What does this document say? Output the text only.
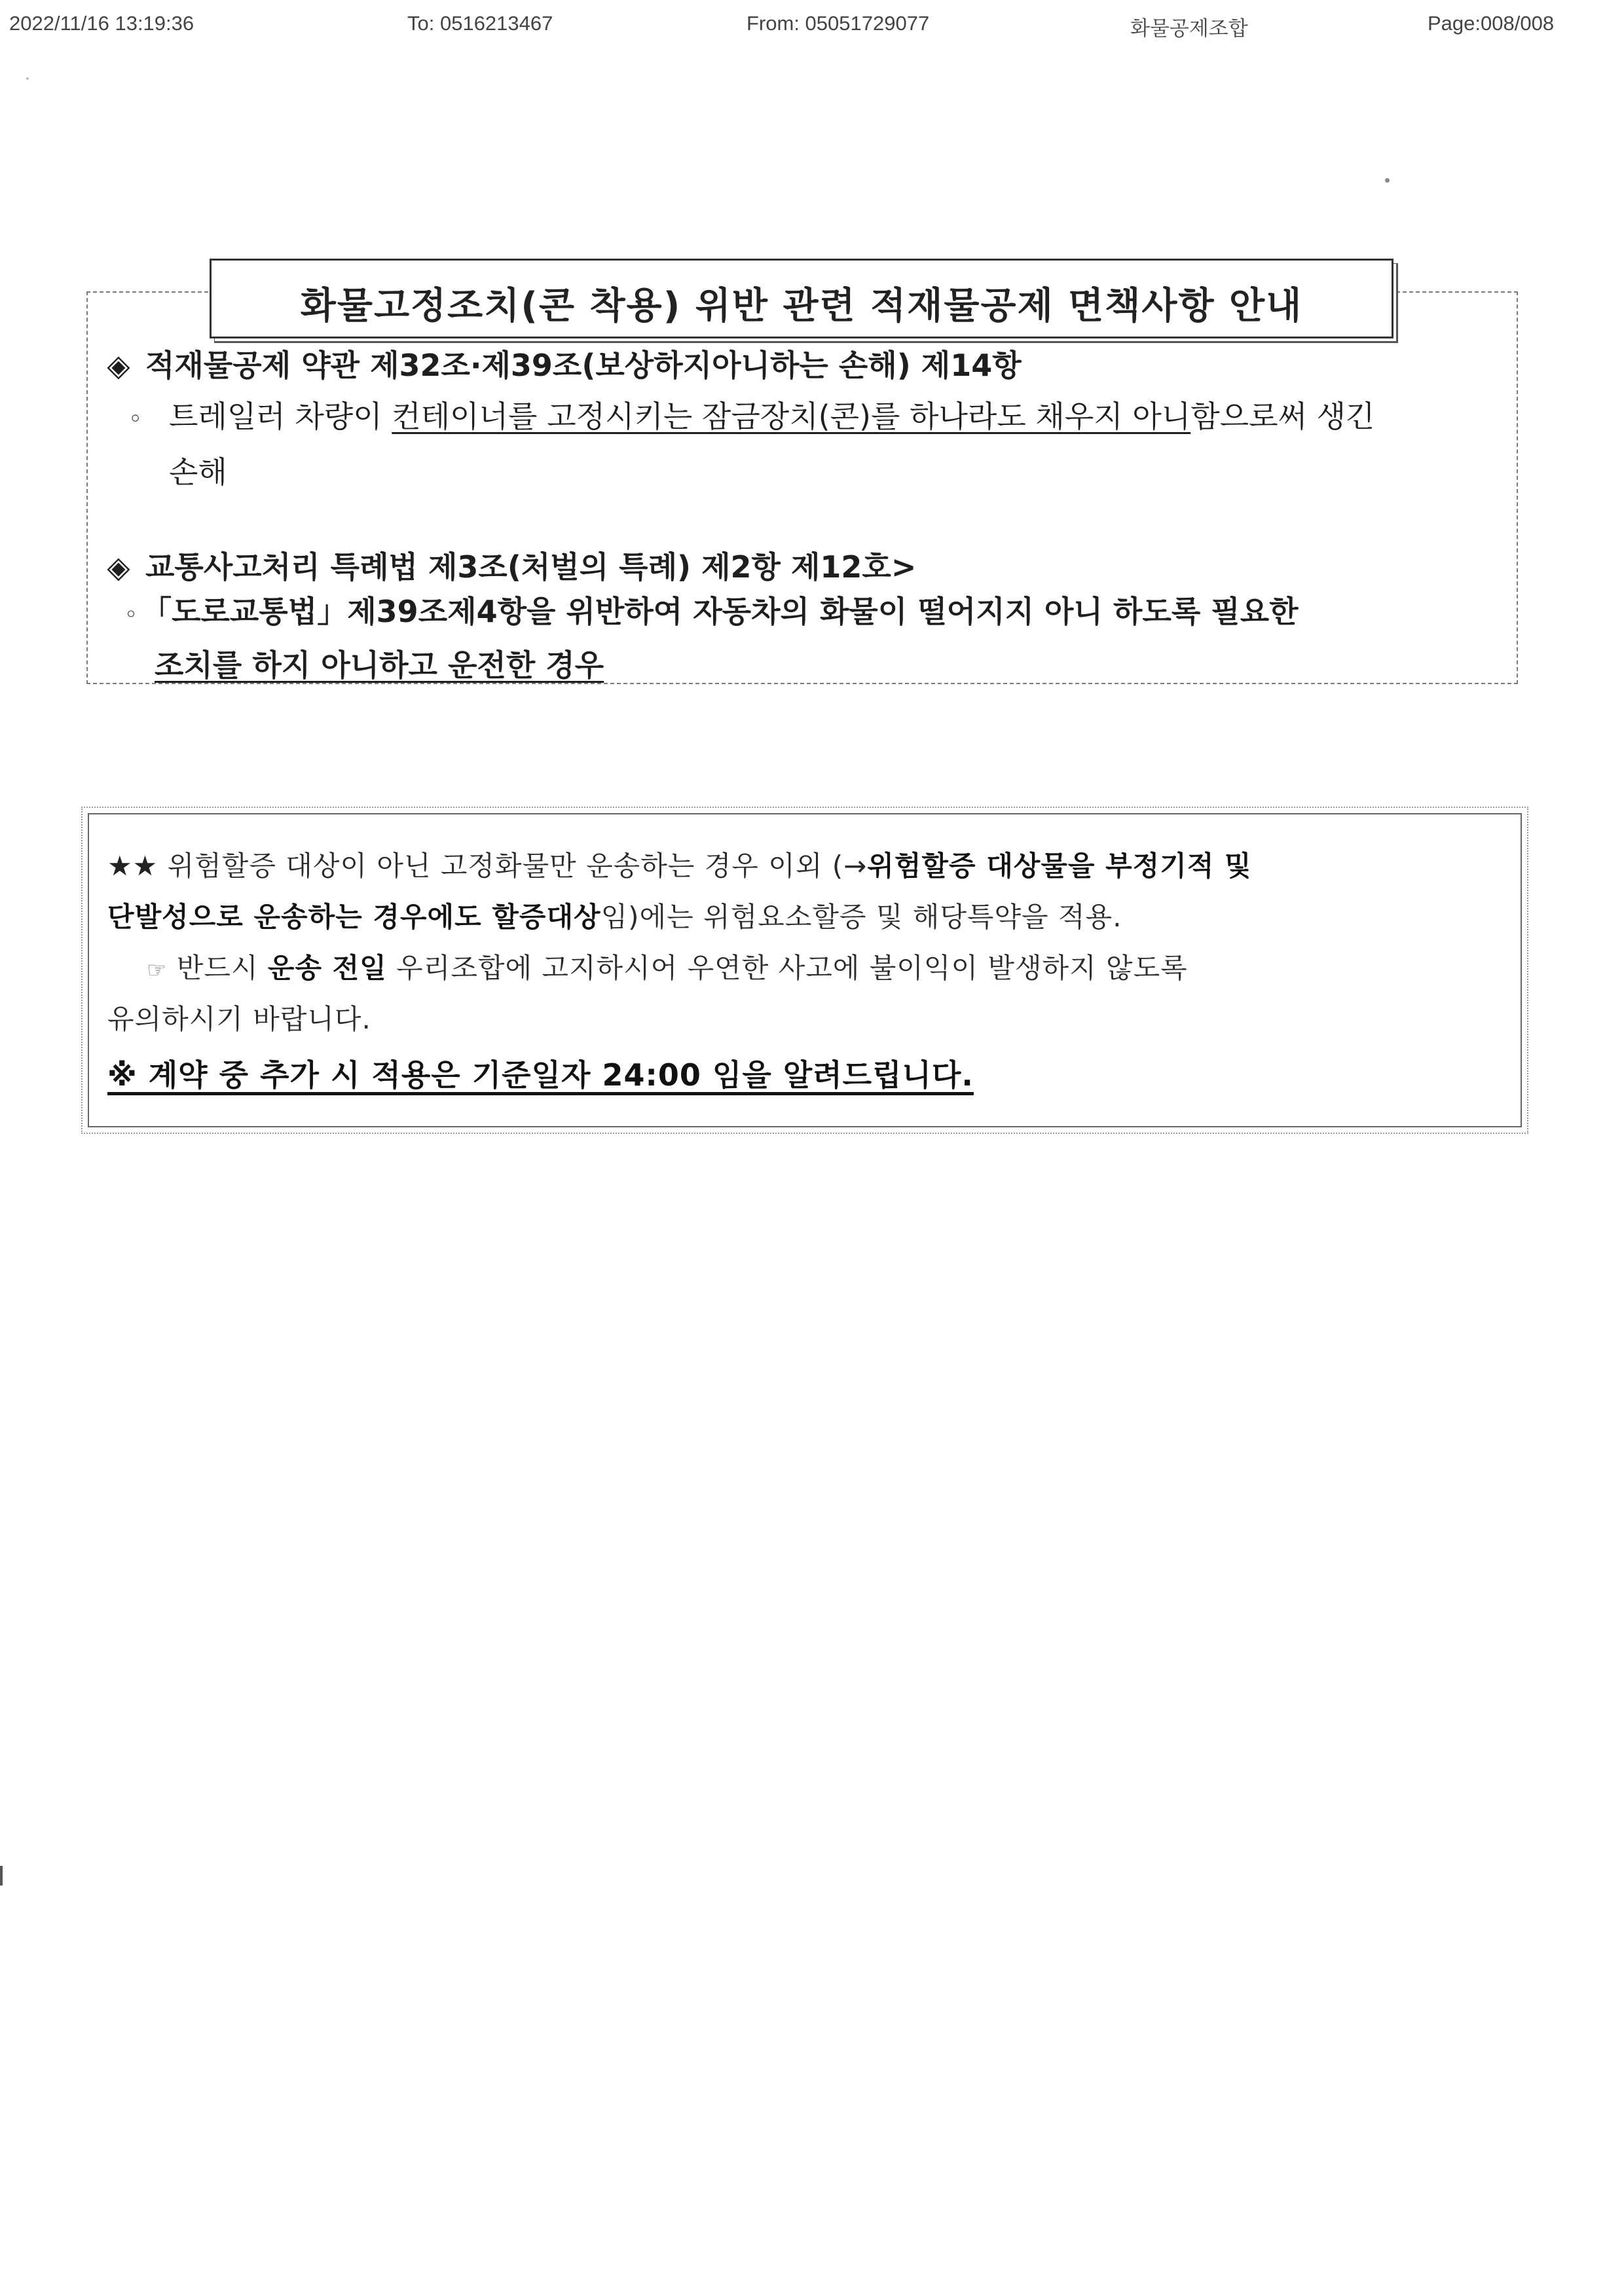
2022/11/16 13:19:36	To: 0516213467	From: 05051729077	화물공제조합	Page:008/008
화물고정조치(콘 착용) 위반 관련 적재물공제 면책사항 안내
◈ 적재물공제 약관 제32조·제39조(보상하지아니하는 손해) 제14항
◦ 트레일러 차량이 컨테이너를 고정시키는 잠금장치(콘)를 하나라도 채우지 아니함으로써 생긴
손해
◈ 교통사고처리 특례법 제3조(처벌의 특례) 제2항 제12호>
◦ 「도로교통법」제39조제4항을 위반하여 자동차의 화물이 떨어지지 아니 하도록 필요한
조치를 하지 아니하고 운전한 경우
★★ 위험할증 대상이 아닌 고정화물만 운송하는 경우 이외 (→위험할증 대상물을 부정기적 및
단발성으로 운송하는 경우에도 할증대상임)에는 위험요소할증 및 해당특약을 적용.
☞ 반드시 운송 전일 우리조합에 고지하시어 우연한 사고에 불이익이 발생하지 않도록
유의하시기 바랍니다.
※ 계약 중 추가 시 적용은 기준일자 24:00 임을 알려드립니다.
